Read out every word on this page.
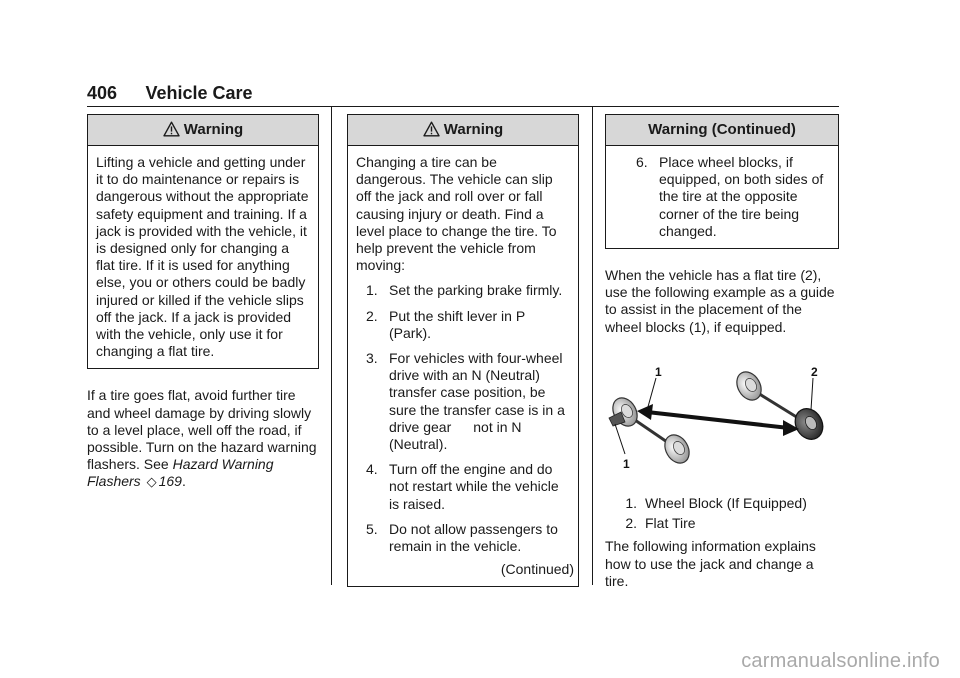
406 Vehicle Care
Warning

Lifting a vehicle and getting under it to do maintenance or repairs is dangerous without the appropriate safety equipment and training. If a jack is provided with the vehicle, it is designed only for changing a flat tire. If it is used for anything else, you or others could be badly injured or killed if the vehicle slips off the jack. If a jack is provided with the vehicle, only use it for changing a flat tire.

If a tire goes flat, avoid further tire and wheel damage by driving slowly to a level place, well off the road, if possible. Turn on the hazard warning flashers. See Hazard Warning Flashers ◇ 169.

Warning

Changing a tire can be dangerous. The vehicle can slip off the jack and roll over or fall causing injury or death. Find a level place to change the tire. To help prevent the vehicle from moving:

1. Set the parking brake firmly.
2. Put the shift lever in P (Park).
3. For vehicles with four-wheel drive with an N (Neutral) transfer case position, be sure the transfer case is in a drive gear not in N (Neutral).
4. Turn off the engine and do not restart while the vehicle is raised.
5. Do not allow passengers to remain in the vehicle.
(Continued)
Warning (Continued)
6. Place wheel blocks, if equipped, on both sides of the tire at the opposite corner of the tire being changed.

When the vehicle has a flat tire (2), use the following example as a guide to assist in the placement of the wheel blocks (1), if equipped.

1	2
1
1. Wheel Block (If Equipped)
2. Flat Tire

The following information explains how to use the jack and change a tire.

carmanualsonline.info
